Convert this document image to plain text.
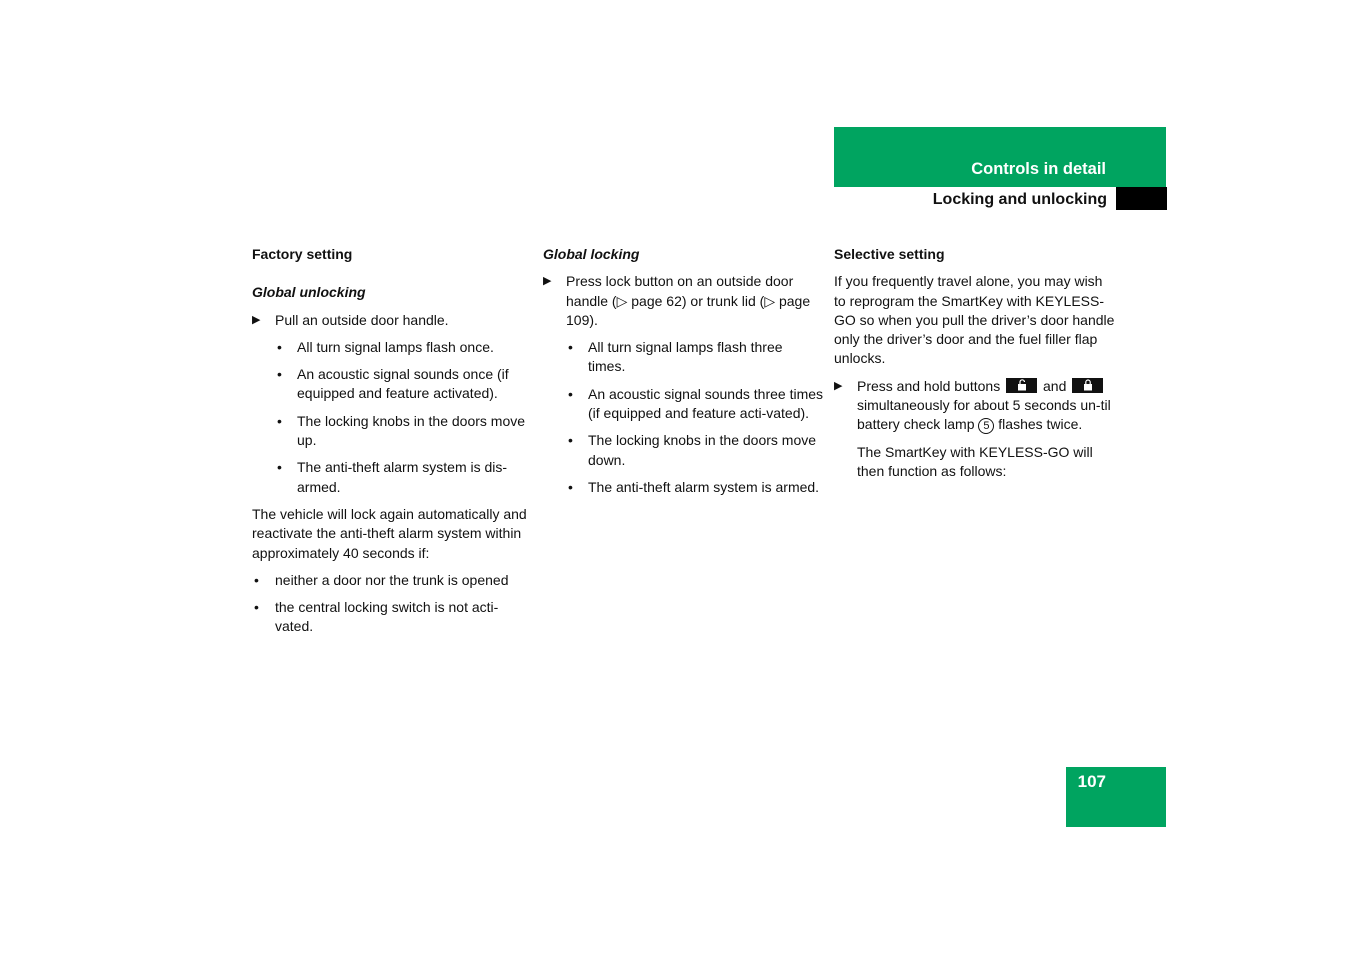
Controls in detail
Locking and unlocking

Factory setting

Global unlocking

▶ Pull an outside door handle.
• All turn signal lamps flash once.
• An acoustic signal sounds once (if equipped and feature activated).
• The locking knobs in the doors move up.
• The anti-theft alarm system is dis-armed.

The vehicle will lock again automatically and reactivate the anti-theft alarm system within approximately 40 seconds if:

• neither a door nor the trunk is opened
• the central locking switch is not acti-vated.

Global locking

▶ Press lock button on an outside door handle (▷ page 62) or trunk lid (▷ page 109).
• All turn signal lamps flash three times.
• An acoustic signal sounds three times (if equipped and feature acti-vated).
• The locking knobs in the doors move down.
• The anti-theft alarm system is armed.

Selective setting

If you frequently travel alone, you may wish to reprogram the SmartKey with KEYLESS-GO so when you pull the driver’s door handle only the driver’s door and the fuel filler flap unlocks.

▶ Press and hold buttons	and
simultaneously for about 5 seconds un-til battery check lamp 5 flashes twice.

The SmartKey with KEYLESS-GO will then function as follows:

107
